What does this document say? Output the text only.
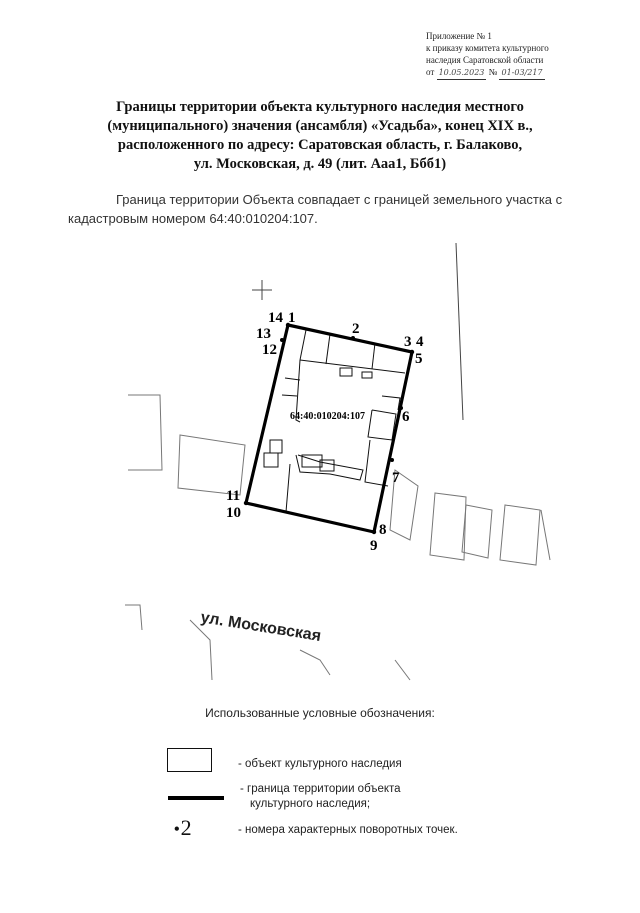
Приложение № 1
к приказу комитета культурного
наследия Саратовской области
от 10.05.2023 № 01-03/217
Границы территории объекта культурного наследия местного
(муниципального) значения (ансамбля) «Усадьба», конец XIX в.,
расположенного по адресу: Саратовская область, г. Балаково,
ул. Московская, д. 49 (лит. Ааа1, Ббб1)
Граница территории Объекта совпадает с границей земельного участка с кадастровым номером 64:40:010204:107.
64:40:010204:107
14 1
2
3 4
5
6
7
8
9
10
11
12
13
ул. Московская
Использованные условные обозначения:
- объект культурного наследия
- граница территории объекта
культурного наследия;
•2	- номера характерных поворотных точек.
